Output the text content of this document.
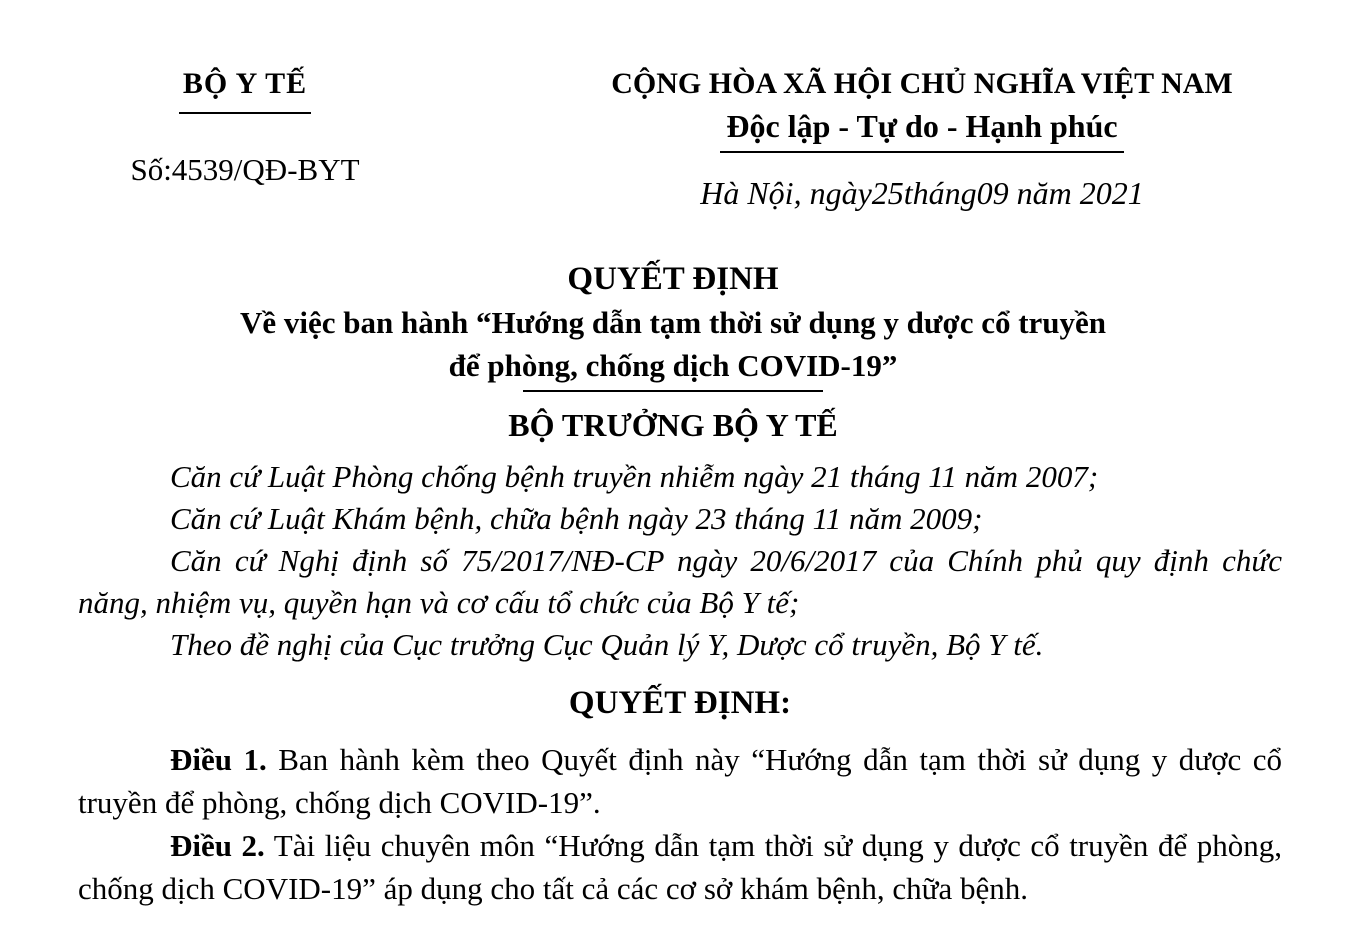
BỘ Y TẾ
Số:4539/QĐ-BYT
CỘNG HÒA XÃ HỘI CHỦ NGHĨA VIỆT NAM
Độc lập - Tự do - Hạnh phúc
Hà Nội, ngày25tháng09 năm 2021
QUYẾT ĐỊNH
Về việc ban hành “Hướng dẫn tạm thời sử dụng y dược cổ truyền
để phòng, chống dịch COVID-19”
BỘ TRƯỞNG BỘ Y TẾ

Căn cứ Luật Phòng chống bệnh truyền nhiễm ngày 21 tháng 11 năm 2007;

Căn cứ Luật Khám bệnh, chữa bệnh ngày 23 tháng 11 năm 2009;

Căn cứ Nghị định số 75/2017/NĐ-CP ngày 20/6/2017 của Chính phủ quy định chức năng, nhiệm vụ, quyền hạn và cơ cấu tổ chức của Bộ Y tế;

Theo đề nghị của Cục trưởng Cục Quản lý Y, Dược cổ truyền, Bộ Y tế.

QUYẾT ĐỊNH:

Điều 1. Ban hành kèm theo Quyết định này “Hướng dẫn tạm thời sử dụng y dược cổ truyền để phòng, chống dịch COVID-19”.

Điều 2. Tài liệu chuyên môn “Hướng dẫn tạm thời sử dụng y dược cổ truyền để phòng, chống dịch COVID-19” áp dụng cho tất cả các cơ sở khám bệnh, chữa bệnh.
